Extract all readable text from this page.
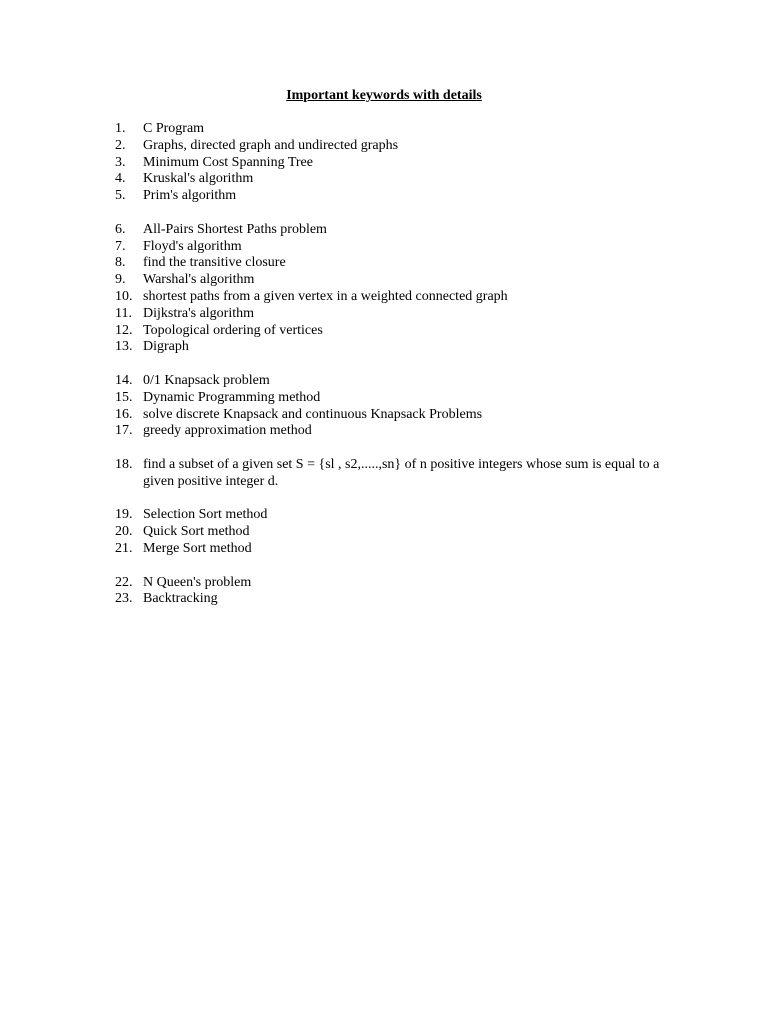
Important keywords with details
1.	C Program
2.	Graphs, directed graph and undirected graphs
3.	Minimum Cost Spanning Tree
4.	Kruskal's algorithm
5.	Prim's algorithm
6.	All-Pairs Shortest Paths problem
7.	Floyd's algorithm
8.	find the transitive closure
9.	Warshal's algorithm
10. shortest paths from a given vertex in a weighted connected graph
11. Dijkstra's algorithm
12. Topological ordering of vertices
13. Digraph
14. 0/1 Knapsack problem
15. Dynamic Programming method
16. solve discrete Knapsack and continuous Knapsack Problems
17. greedy approximation method
18. find a subset of a given set S = {sl , s2,.....,sn} of n positive integers whose sum is equal to a given positive integer d.
19. Selection Sort method
20. Quick Sort method
21. Merge Sort method
22. N Queen's problem
23. Backtracking
